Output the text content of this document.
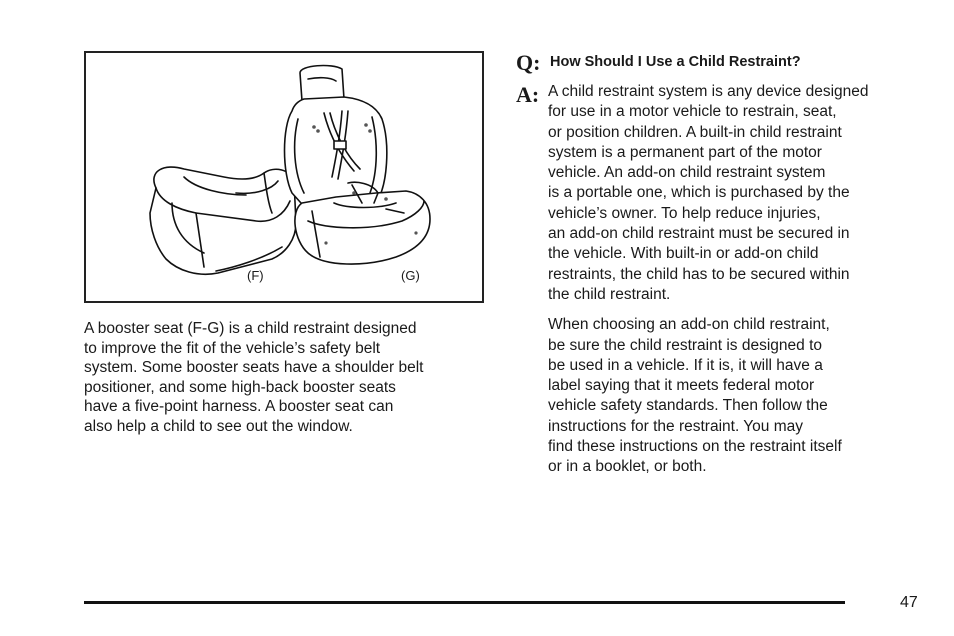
(F)	(G)

A booster seat (F-G) is a child restraint designed

to improve the fit of the vehicle’s safety belt

system. Some booster seats have a shoulder belt

positioner, and some high-back booster seats

have a five-point harness. A booster seat can

also help a child to see out the window.

Q: How Should I Use a Child Restraint?
A: A child restraint system is any device designed

for use in a motor vehicle to restrain, seat,

or position children. A built-in child restraint

system is a permanent part of the motor

vehicle. An add-on child restraint system

is a portable one, which is purchased by the

vehicle’s owner. To help reduce injuries,

an add-on child restraint must be secured in

the vehicle. With built-in or add-on child

restraints, the child has to be secured within

the child restraint.

When choosing an add-on child restraint,

be sure the child restraint is designed to

be used in a vehicle. If it is, it will have a

label saying that it meets federal motor

vehicle safety standards. Then follow the

instructions for the restraint. You may

find these instructions on the restraint itself

or in a booklet, or both.

47
